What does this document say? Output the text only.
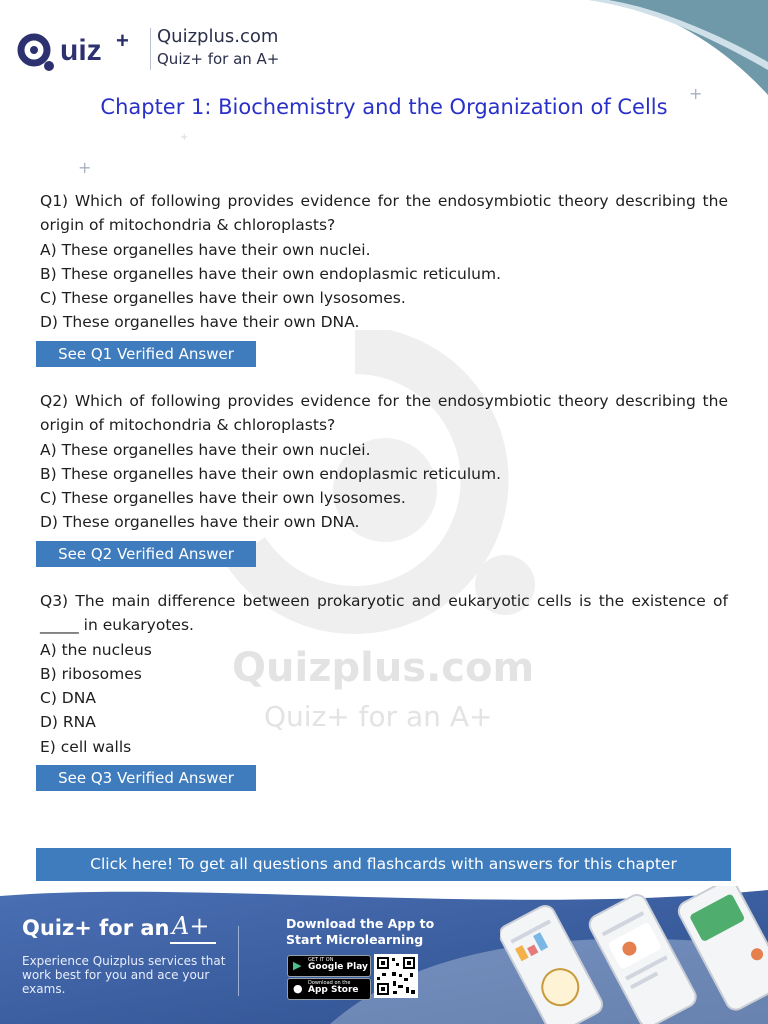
uiz + Quizplus.com
Quiz+ for an A+
+
+
+
Chapter 1: Biochemistry and the Organization of Cells
Quizplus.com
Quiz+ for an A+
Q1) Which of following provides evidence for the endosymbiotic theory describing the origin of mitochondria & chloroplasts?
A) These organelles have their own nuclei.
B) These organelles have their own endoplasmic reticulum.
C) These organelles have their own lysosomes.
D) These organelles have their own DNA.
See Q1 Verified Answer
Q2) Which of following provides evidence for the endosymbiotic theory describing the origin of mitochondria & chloroplasts?
A) These organelles have their own nuclei.
B) These organelles have their own endoplasmic reticulum.
C) These organelles have their own lysosomes.
D) These organelles have their own DNA.
See Q2 Verified Answer
Q3) The main difference between prokaryotic and eukaryotic cells is the existence of _____ in eukaryotes.
A) the nucleus
B) ribosomes
C) DNA
D) RNA
E) cell walls
See Q3 Verified Answer
Click here! To get all questions and flashcards with answers for this chapter
Quiz+ for an A+
Experience Quizplus services that work best for you and ace your exams.
Download the App to Start Microlearning
▶ GET IT ON
Google Play
● Download on the
App Store
